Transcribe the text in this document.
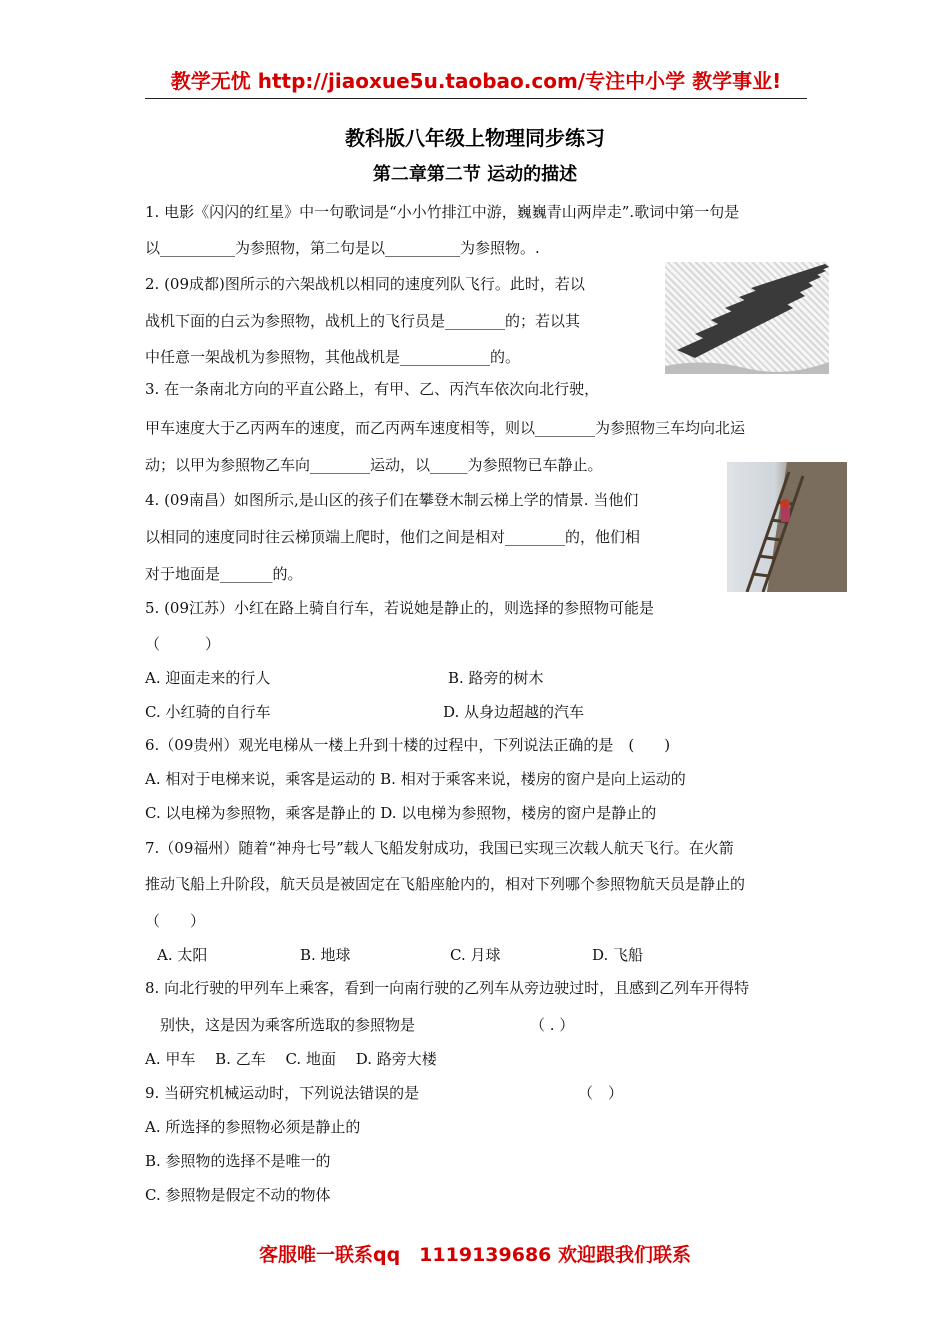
教学无忧 http://jiaoxue5u.taobao.com/专注中小学 教学事业!
教科版八年级上物理同步练习
第二章第二节 运动的描述
1. 电影《闪闪的红星》中一句歌词是“小小竹排江中游，巍巍青山两岸走”.歌词中第一句是
以__________为参照物，第二句是以__________为参照物。.
2. (09成都)图所示的六架战机以相同的速度列队飞行。此时，若以
战机下面的白云为参照物，战机上的飞行员是________的；若以其
中任意一架战机为参照物，其他战机是____________的。
3. 在一条南北方向的平直公路上，有甲、乙、丙汽车依次向北行驶，
甲车速度大于乙丙两车的速度，而乙丙两车速度相等，则以________为参照物三车均向北运
动；以甲为参照物乙车向________运动，以_____为参照物已车静止。
4. (09南昌）如图所示,是山区的孩子们在攀登木制云梯上学的情景. 当他们
以相同的速度同时往云梯顶端上爬时，他们之间是相对________的，他们相
对于地面是_______的。
5. (09江苏）小红在路上骑自行车，若说她是静止的，则选择的参照物可能是
（　　　）
A. 迎面走来的行人	B. 路旁的树木
C. 小红骑的自行车	D. 从身边超越的汽车
6.（09贵州）观光电梯从一楼上升到十楼的过程中，下列说法正确的是　(　　)
A. 相对于电梯来说，乘客是运动的 B. 相对于乘客来说，楼房的窗户是向上运动的
C. 以电梯为参照物，乘客是静止的 D. 以电梯为参照物，楼房的窗户是静止的
7.（09福州）随着“神舟七号”载人飞船发射成功，我国已实现三次载人航天飞行。在火箭
推动飞船上升阶段，航天员是被固定在飞船座舱内的，相对下列哪个参照物航天员是静止的
（　　）
A. 太阳	B. 地球	C. 月球	D. 飞船
8. 向北行驶的甲列车上乘客，看到一向南行驶的乙列车从旁边驶过时，且感到乙列车开得特
别快，这是因为乘客所选取的参照物是	（ . ）
A. 甲车　 B. 乙车　 C. 地面　 D. 路旁大楼
9. 当研究机械运动时，下列说法错误的是	（　）
A. 所选择的参照物必须是静止的
B. 参照物的选择不是唯一的
C. 参照物是假定不动的物体
客服唯一联系qq　1119139686 欢迎跟我们联系
